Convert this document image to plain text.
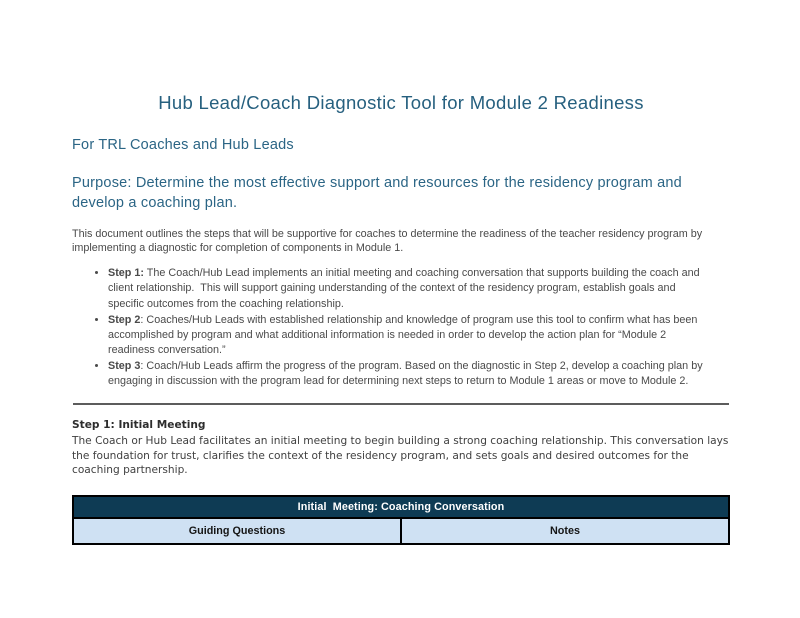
Hub Lead/Coach Diagnostic Tool for Module 2 Readiness
For TRL Coaches and Hub Leads
Purpose: Determine the most effective support and resources for the residency program and develop a coaching plan.
This document outlines the steps that will be supportive for coaches to determine the readiness of the teacher residency program by implementing a diagnostic for completion of components in Module 1.
• Step 1: The Coach/Hub Lead implements an initial meeting and coaching conversation that supports building the coach and client relationship.  This will support gaining understanding of the context of the residency program, establish goals and specific outcomes from the coaching relationship.
• Step 2: Coaches/Hub Leads with established relationship and knowledge of program use this tool to confirm what has been accomplished by program and what additional information is needed in order to develop the action plan for “Module 2 readiness conversation.”
• Step 3: Coach/Hub Leads affirm the progress of the program. Based on the diagnostic in Step 2, develop a coaching plan by engaging in discussion with the program lead for determining next steps to return to Module 1 areas or move to Module 2.
Step 1: Initial Meeting
The Coach or Hub Lead facilitates an initial meeting to begin building a strong coaching relationship. This conversation lays the foundation for trust, clarifies the context of the residency program, and sets goals and desired outcomes for the coaching partnership.
Initial  Meeting: Coaching Conversation
Guiding Questions	Notes
